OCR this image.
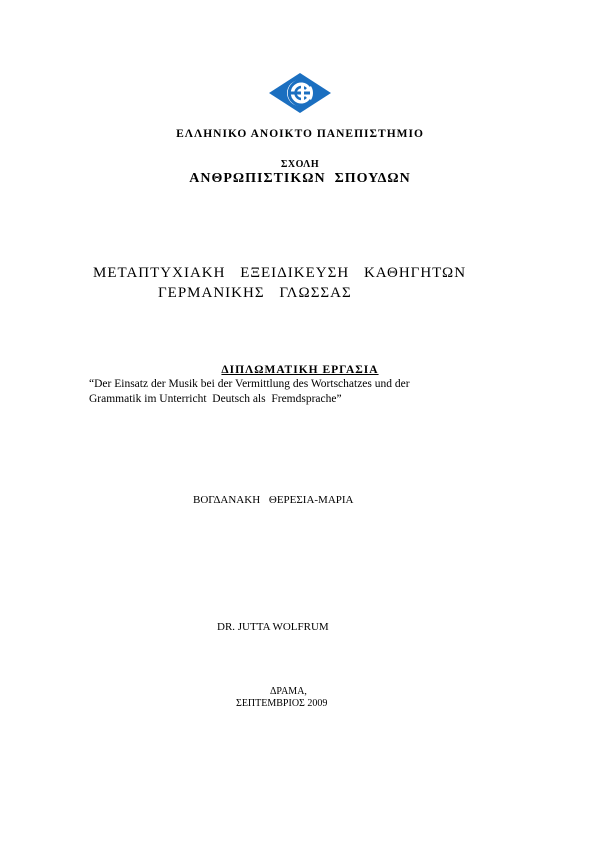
ΕΛΛΗΝΙΚΟ ΑΝΟΙΚΤΟ ΠΑΝΕΠΙΣΤΗΜΙΟ
ΣΧΟΛΗ
ΑΝΘΡΩΠΙΣΤΙΚΩΝ  ΣΠΟΥΔΩΝ
ΜΕΤΑΠΤΥΧΙΑΚΗ ΕΞΕΙΔΙΚΕΥΣΗ ΚΑΘΗΓΗΤΩΝ
ΓΕΡΜΑΝΙΚΗΣ ΓΛΩΣΣΑΣ
ΔΙΠΛΩΜΑΤΙΚΗ ΕΡΓΑΣΙΑ
“Der Einsatz der Musik bei der Vermittlung des Wortschatzes und der
Grammatik im Unterricht  Deutsch als  Fremdsprache”
ΒΟΓΔΑΝΑΚΗ ΘΕΡΕΣΙΑ-ΜΑΡΙΑ
DR. JUTTA WOLFRUM
ΔΡΑΜΑ,
ΣΕΠΤΕΜΒΡΙΟΣ 2009
